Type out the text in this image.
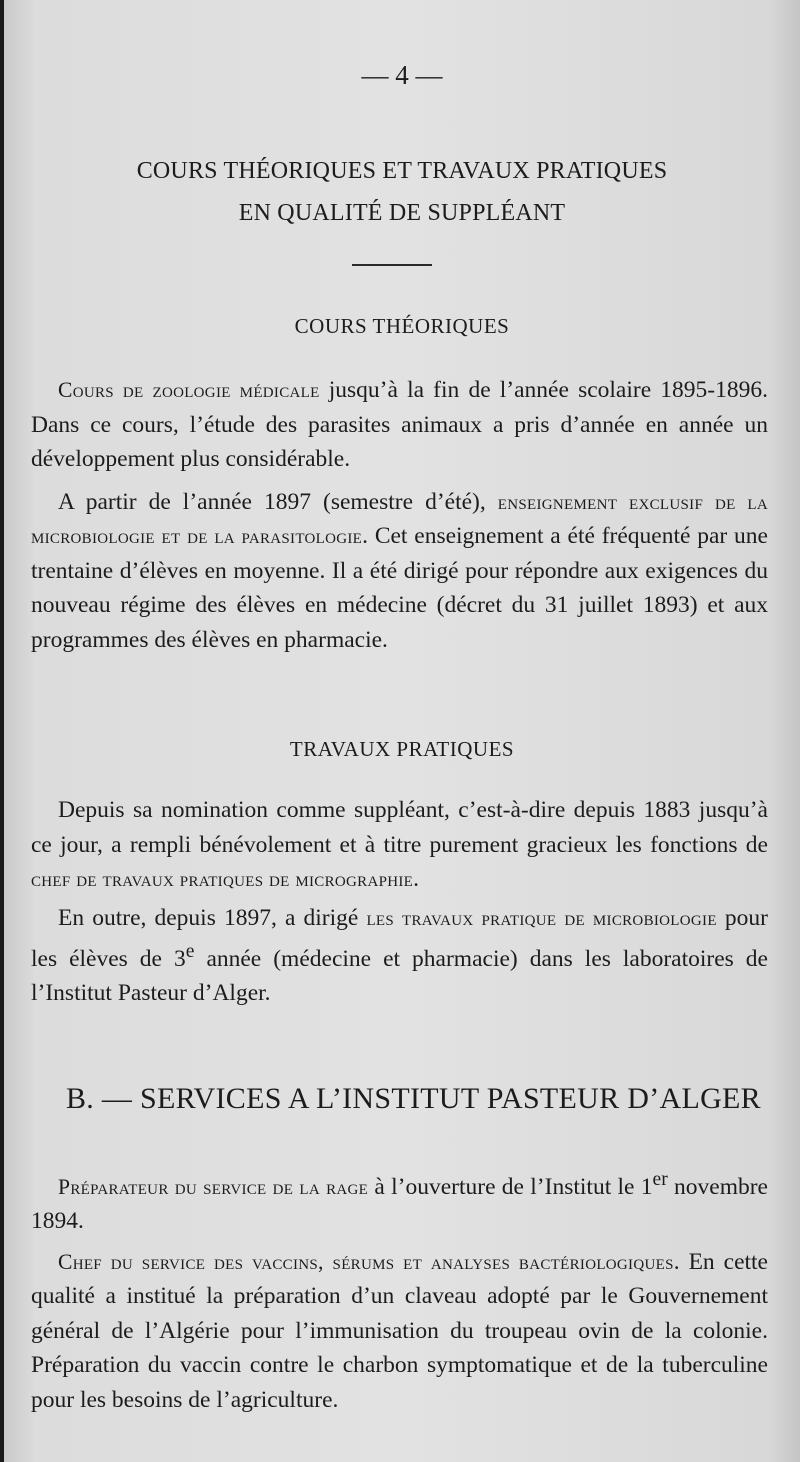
— 4 —
COURS THÉORIQUES ET TRAVAUX PRATIQUES
EN QUALITÉ DE SUPPLÉANT
COURS THÉORIQUES

Cours de zoologie médicale jusqu’à la fin de l’année scolaire 1895-1896. Dans ce cours, l’étude des parasites animaux a pris d’année en année un développement plus considérable.

A partir de l’année 1897 (semestre d’été), enseignement exclusif de la microbiologie et de la parasitologie. Cet enseignement a été fréquenté par une trentaine d’élèves en moyenne. Il a été dirigé pour répondre aux exigences du nouveau régime des élèves en médecine (décret du 31 juillet 1893) et aux programmes des élèves en pharmacie.

TRAVAUX PRATIQUES

Depuis sa nomination comme suppléant, c’est-à-dire depuis 1883 jusqu’à ce jour, a rempli bénévolement et à titre purement gracieux les fonctions de chef de travaux pratiques de micrographie.

En outre, depuis 1897, a dirigé les travaux pratique de microbiologie pour les élèves de 3e année (médecine et pharmacie) dans les laboratoires de l’Institut Pasteur d’Alger.

B. — SERVICES A L’INSTITUT PASTEUR D’ALGER

Préparateur du service de la rage à l’ouverture de l’Institut le 1er novembre 1894.

Chef du service des vaccins, sérums et analyses bactériologiques. En cette qualité a institué la préparation d’un claveau adopté par le Gouvernement général de l’Algérie pour l’immunisation du troupeau ovin de la colonie. Préparation du vaccin contre le charbon symptomatique et de la tuberculine pour les besoins de l’agriculture.
